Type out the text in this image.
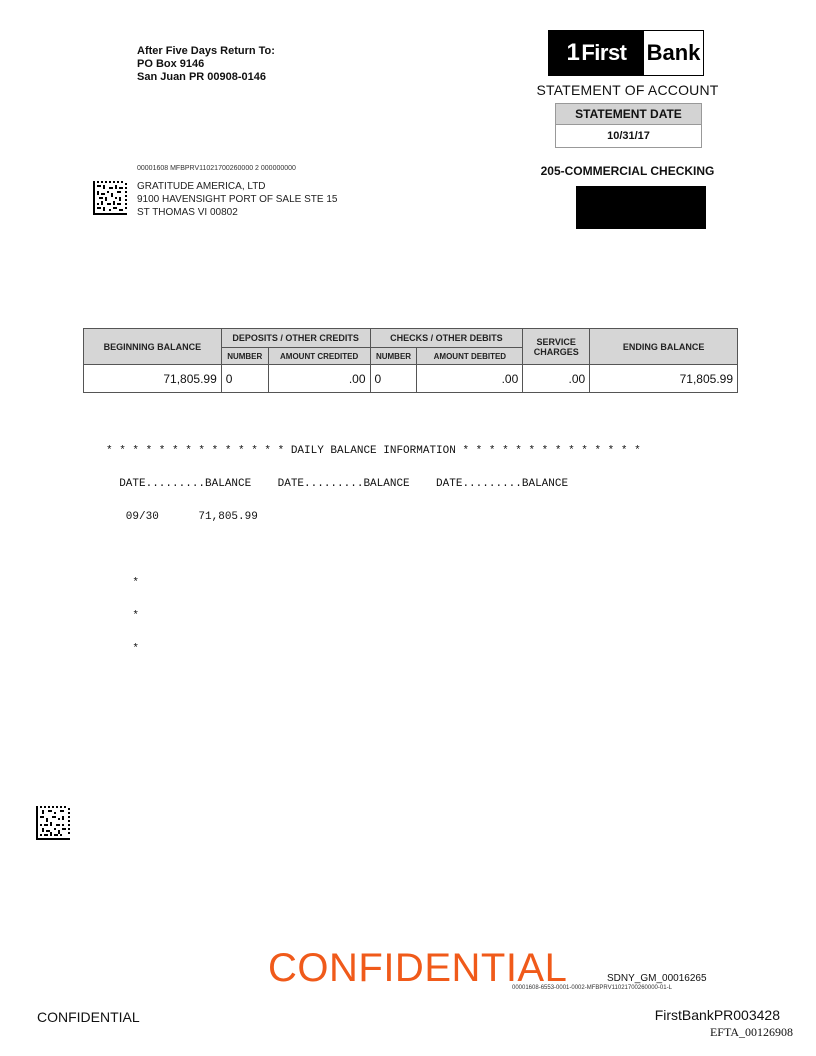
After Five Days Return To:
PO Box 9146
San Juan PR 00908-0146
1 First Bank
STATEMENT OF ACCOUNT
STATEMENT DATE
10/31/17
205-COMMERCIAL CHECKING
00001608 MFBPRV11021700260000 2 000000000
GRATITUDE AMERICA, LTD
9100 HAVENSIGHT PORT OF SALE STE 15
ST THOMAS VI 00802
BEGINNING BALANCE	DEPOSITS / OTHER CREDITS		CHECKS / OTHER DEBITS		SERVICE
CHARGES	ENDING BALANCE
	NUMBER	AMOUNT CREDITED	NUMBER	AMOUNT DEBITED		
71,805.99	0	.00	0	.00	.00	71,805.99

* * * * * * * * * * * * * * DAILY BALANCE INFORMATION * * * * * * * * * * * * * *

DATE.........BALANCE    DATE.........BALANCE    DATE.........BALANCE

09/30      71,805.99

*

*

*

CONFIDENTIAL	SDNY_GM_00016265
00001608-6553-0001-0002-MFBPRV11021700260000-01-L
CONFIDENTIAL	FirstBankPR003428
EFTA_00126908
